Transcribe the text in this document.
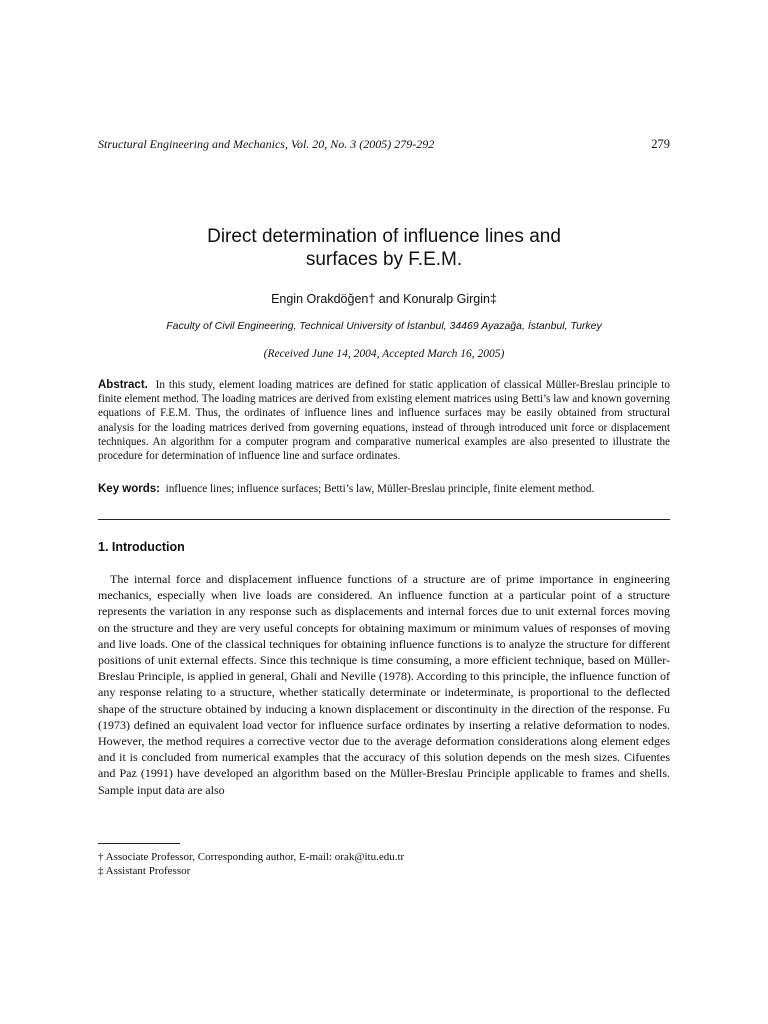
Structural Engineering and Mechanics, Vol. 20, No. 3 (2005) 279-292	279
Direct determination of influence lines and
surfaces by F.E.M.
Engin Orakdöğen† and Konuralp Girgin‡
Faculty of Civil Engineering, Technical University of İstanbul, 34469 Ayazağa, İstanbul, Turkey
(Received June 14, 2004, Accepted March 16, 2005)
Abstract. In this study, element loading matrices are defined for static application of classical Müller-Breslau principle to finite element method. The loading matrices are derived from existing element matrices using Betti’s law and known governing equations of F.E.M. Thus, the ordinates of influence lines and influence surfaces may be easily obtained from structural analysis for the loading matrices derived from governing equations, instead of through introduced unit force or displacement techniques. An algorithm for a computer program and comparative numerical examples are also presented to illustrate the procedure for determination of influence line and surface ordinates.
Key words: influence lines; influence surfaces; Betti’s law, Müller-Breslau principle, finite element method.
1. Introduction

The internal force and displacement influence functions of a structure are of prime importance in engineering mechanics, especially when live loads are considered. An influence function at a particular point of a structure represents the variation in any response such as displacements and internal forces due to unit external forces moving on the structure and they are very useful concepts for obtaining maximum or minimum values of responses of moving and live loads. One of the classical techniques for obtaining influence functions is to analyze the structure for different positions of unit external effects. Since this technique is time consuming, a more efficient technique, based on Müller-Breslau Principle, is applied in general, Ghali and Neville (1978). According to this principle, the influence function of any response relating to a structure, whether statically determinate or indeterminate, is proportional to the deflected shape of the structure obtained by inducing a known displacement or discontinuity in the direction of the response. Fu (1973) defined an equivalent load vector for influence surface ordinates by inserting a relative deformation to nodes. However, the method requires a corrective vector due to the average deformation considerations along element edges and it is concluded from numerical examples that the accuracy of this solution depends on the mesh sizes. Cifuentes and Paz (1991) have developed an algorithm based on the Müller-Breslau Principle applicable to frames and shells. Sample input data are also

† Associate Professor, Corresponding author, E-mail: orak@itu.edu.tr
‡ Assistant Professor
